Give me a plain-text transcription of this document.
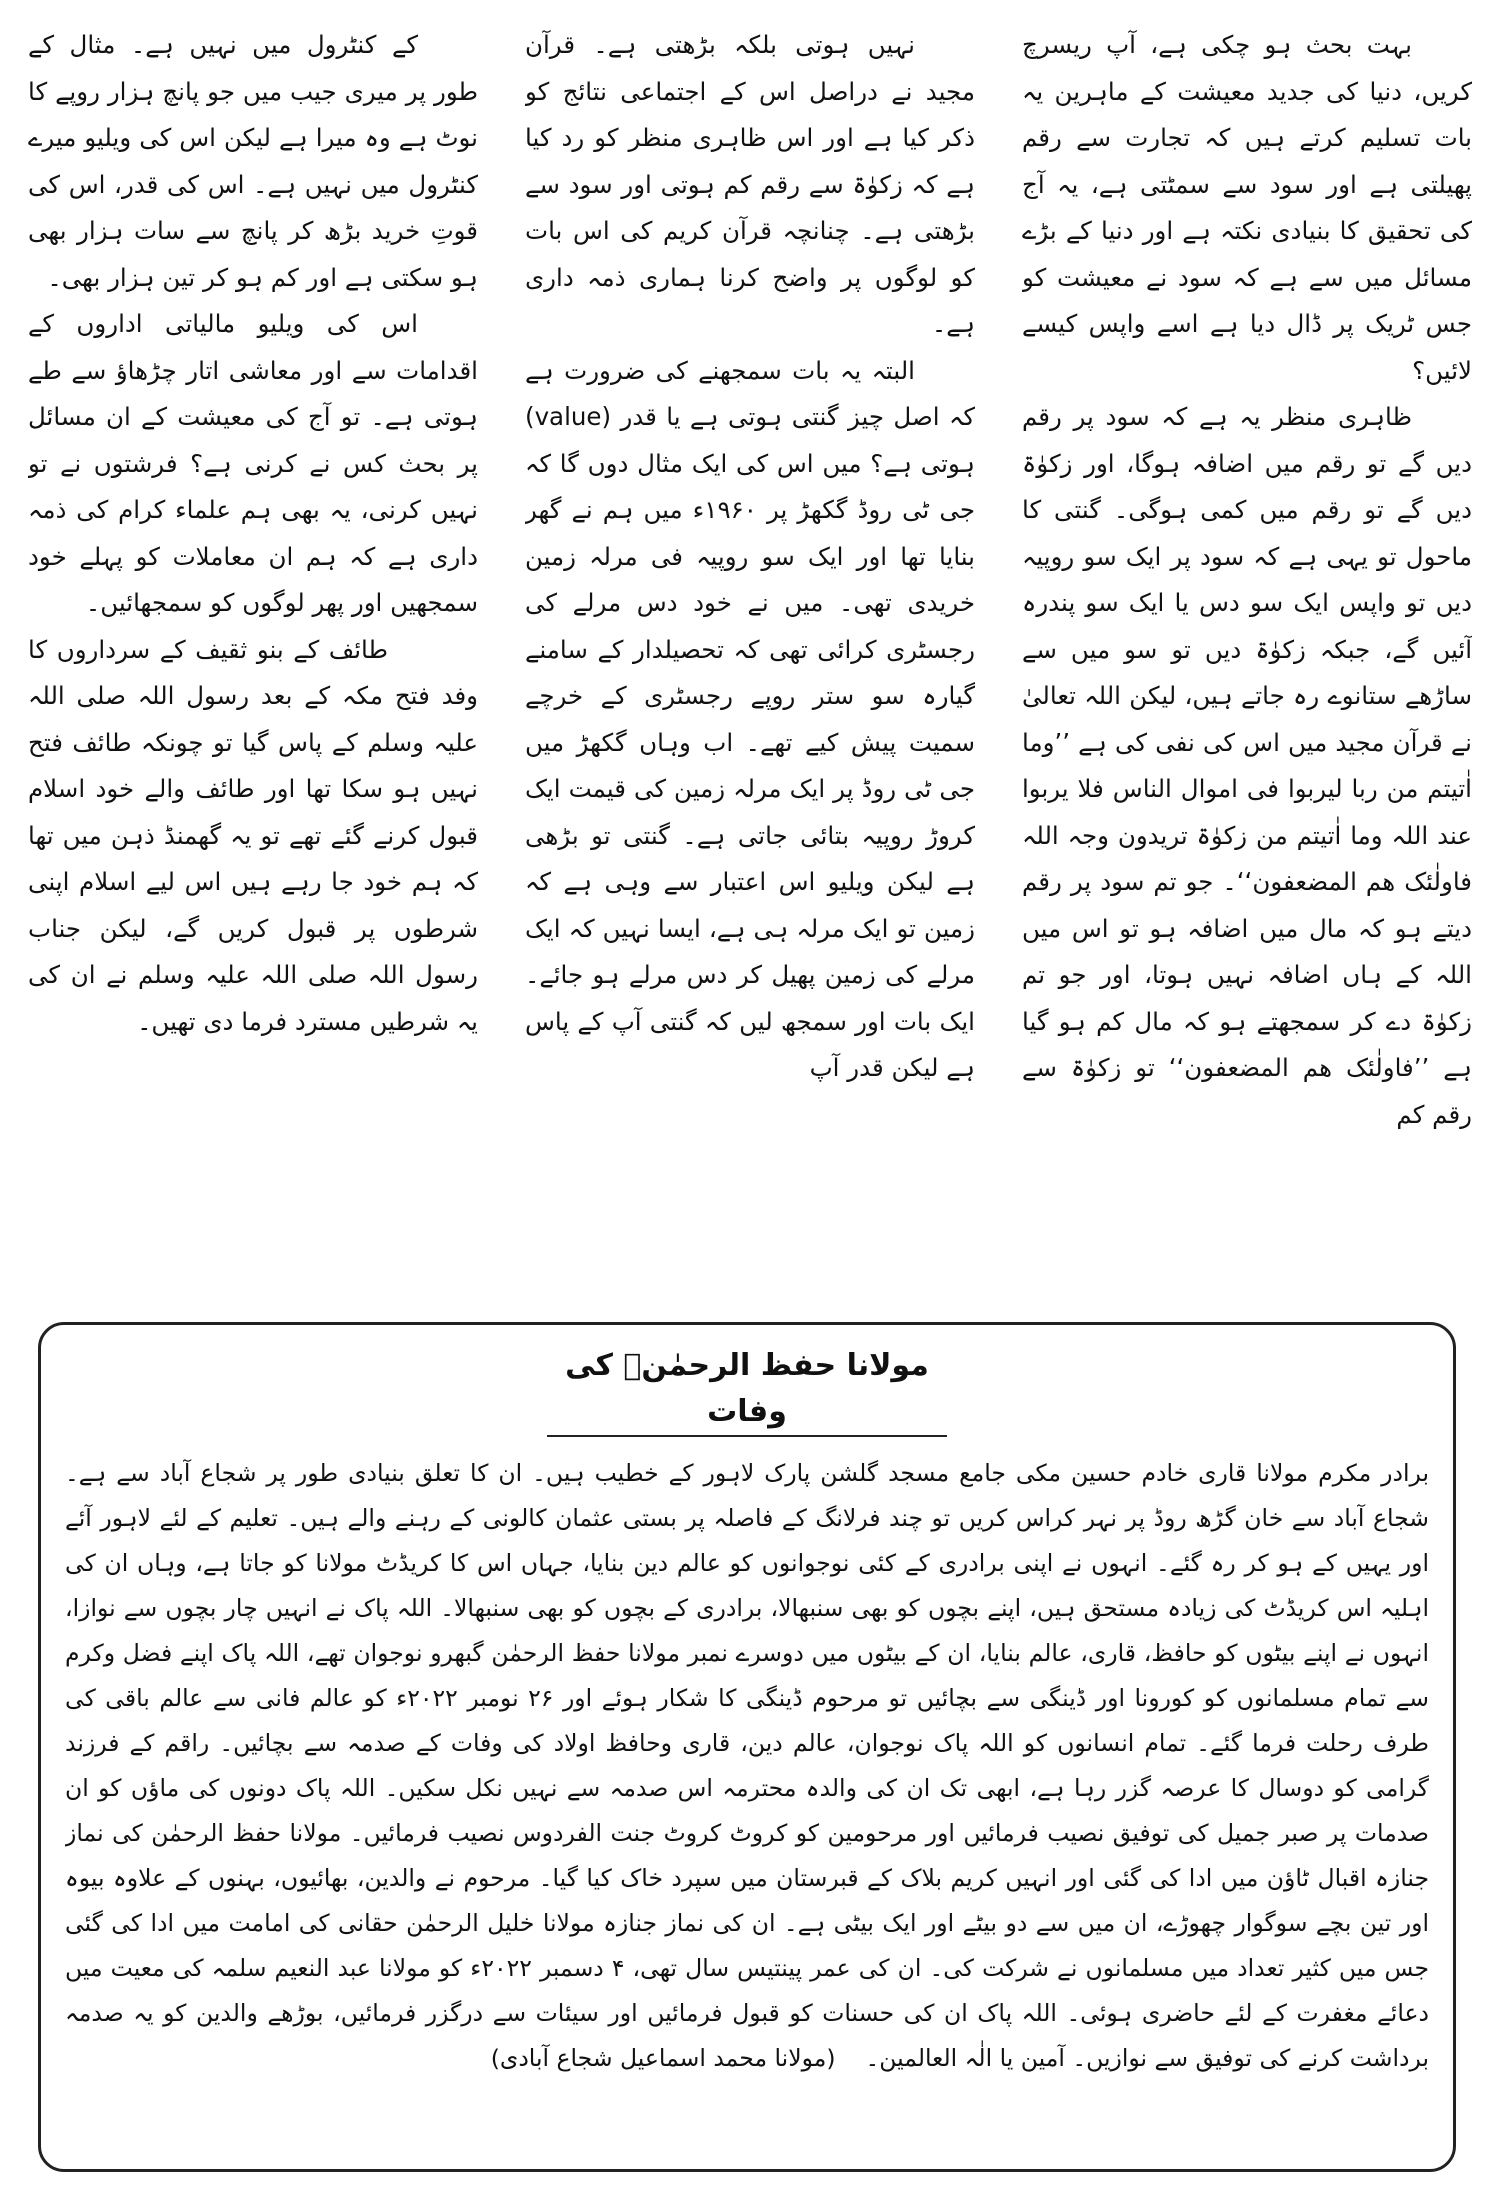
بہت بحث ہو چکی ہے، آپ ریسرچ کریں، دنیا کی جدید معیشت کے ماہرین یہ بات تسلیم کرتے ہیں کہ تجارت سے رقم پھیلتی ہے اور سود سے سمٹتی ہے، یہ آج کی تحقیق کا بنیادی نکتہ ہے اور دنیا کے بڑے مسائل میں سے ہے کہ سود نے معیشت کو جس ٹریک پر ڈال دیا ہے اسے واپس کیسے لائیں؟

ظاہری منظر یہ ہے کہ سود پر رقم دیں گے تو رقم میں اضافہ ہوگا، اور زکوٰۃ دیں گے تو رقم میں کمی ہوگی۔ گنتی کا ماحول تو یہی ہے کہ سود پر ایک سو روپیہ دیں تو واپس ایک سو دس یا ایک سو پندرہ آئیں گے، جبکہ زکوٰۃ دیں تو سو میں سے ساڑھے ستانوے رہ جاتے ہیں، لیکن اللہ تعالیٰ نے قرآن مجید میں اس کی نفی کی ہے ’’وما اٰتیتم من ربا لیربوا فی اموال الناس فلا یربوا عند اللہ وما اٰتیتم من زکوٰۃ تریدون وجہ اللہ فاولٰئک ھم المضعفون‘‘۔ جو تم سود پر رقم دیتے ہو کہ مال میں اضافہ ہو تو اس میں اللہ کے ہاں اضافہ نہیں ہوتا، اور جو تم زکوٰۃ دے کر سمجھتے ہو کہ مال کم ہو گیا ہے ’’فاولٰئک ھم المضعفون‘‘ تو زکوٰۃ سے رقم کم

نہیں ہوتی بلکہ بڑھتی ہے۔ قرآن مجید نے دراصل اس کے اجتماعی نتائج کو ذکر کیا ہے اور اس ظاہری منظر کو رد کیا ہے کہ زکوٰۃ سے رقم کم ہوتی اور سود سے بڑھتی ہے۔ چنانچہ قرآن کریم کی اس بات کو لوگوں پر واضح کرنا ہماری ذمہ داری ہے۔

البتہ یہ بات سمجھنے کی ضرورت ہے کہ اصل چیز گنتی ہوتی ہے یا قدر (value) ہوتی ہے؟ میں اس کی ایک مثال دوں گا کہ جی ٹی روڈ گکھڑ پر ۱۹۶۰ء میں ہم نے گھر بنایا تھا اور ایک سو روپیہ فی مرلہ زمین خریدی تھی۔ میں نے خود دس مرلے کی رجسٹری کرائی تھی کہ تحصیلدار کے سامنے گیارہ سو ستر روپے رجسٹری کے خرچے سمیت پیش کیے تھے۔ اب وہاں گکھڑ میں جی ٹی روڈ پر ایک مرلہ زمین کی قیمت ایک کروڑ روپیہ بتائی جاتی ہے۔ گنتی تو بڑھی ہے لیکن ویلیو اس اعتبار سے وہی ہے کہ زمین تو ایک مرلہ ہی ہے، ایسا نہیں کہ ایک مرلے کی زمین پھیل کر دس مرلے ہو جائے۔ ایک بات اور سمجھ لیں کہ گنتی آپ کے پاس ہے لیکن قدر آپ

کے کنٹرول میں نہیں ہے۔ مثال کے طور پر میری جیب میں جو پانچ ہزار روپے کا نوٹ ہے وہ میرا ہے لیکن اس کی ویلیو میرے کنٹرول میں نہیں ہے۔ اس کی قدر، اس کی قوتِ خرید بڑھ کر پانچ سے سات ہزار بھی ہو سکتی ہے اور کم ہو کر تین ہزار بھی۔

اس کی ویلیو مالیاتی اداروں کے اقدامات سے اور معاشی اتار چڑھاؤ سے طے ہوتی ہے۔ تو آج کی معیشت کے ان مسائل پر بحث کس نے کرنی ہے؟ فرشتوں نے تو نہیں کرنی، یہ بھی ہم علماء کرام کی ذمہ داری ہے کہ ہم ان معاملات کو پہلے خود سمجھیں اور پھر لوگوں کو سمجھائیں۔

طائف کے بنو ثقیف کے سرداروں کا وفد فتح مکہ کے بعد رسول اللہ صلی اللہ علیہ وسلم کے پاس گیا تو چونکہ طائف فتح نہیں ہو سکا تھا اور طائف والے خود اسلام قبول کرنے گئے تھے تو یہ گھمنڈ ذہن میں تھا کہ ہم خود جا رہے ہیں اس لیے اسلام اپنی شرطوں پر قبول کریں گے، لیکن جناب رسول اللہ صلی اللہ علیہ وسلم نے ان کی یہ شرطیں مسترد فرما دی تھیں۔

مولانا حفظ الرحمٰنؒ کی وفات

برادر مکرم مولانا قاری خادم حسین مکی جامع مسجد گلشن پارک لاہور کے خطیب ہیں۔ ان کا تعلق بنیادی طور پر شجاع آباد سے ہے۔ شجاع آباد سے خان گڑھ روڈ پر نہر کراس کریں تو چند فرلانگ کے فاصلہ پر بستی عثمان کالونی کے رہنے والے ہیں۔ تعلیم کے لئے لاہور آئے اور یہیں کے ہو کر رہ گئے۔ انہوں نے اپنی برادری کے کئی نوجوانوں کو عالم دین بنایا، جہاں اس کا کریڈٹ مولانا کو جاتا ہے، وہاں ان کی اہلیہ اس کریڈٹ کی زیادہ مستحق ہیں، اپنے بچوں کو بھی سنبھالا، برادری کے بچوں کو بھی سنبھالا۔ اللہ پاک نے انہیں چار بچوں سے نوازا، انہوں نے اپنے بیٹوں کو حافظ، قاری، عالم بنایا، ان کے بیٹوں میں دوسرے نمبر مولانا حفظ الرحمٰن گبھرو نوجوان تھے، اللہ پاک اپنے فضل وکرم سے تمام مسلمانوں کو کورونا اور ڈینگی سے بچائیں تو مرحوم ڈینگی کا شکار ہوئے اور ۲۶ نومبر ۲۰۲۲ء کو عالم فانی سے عالم باقی کی طرف رحلت فرما گئے۔ تمام انسانوں کو اللہ پاک نوجوان، عالم دین، قاری وحافظ اولاد کی وفات کے صدمہ سے بچائیں۔ راقم کے فرزند گرامی کو دوسال کا عرصہ گزر رہا ہے، ابھی تک ان کی والدہ محترمہ اس صدمہ سے نہیں نکل سکیں۔ اللہ پاک دونوں کی ماؤں کو ان صدمات پر صبر جمیل کی توفیق نصیب فرمائیں اور مرحومین کو کروٹ کروٹ جنت الفردوس نصیب فرمائیں۔ مولانا حفظ الرحمٰن کی نماز جنازہ اقبال ٹاؤن میں ادا کی گئی اور انہیں کریم بلاک کے قبرستان میں سپرد خاک کیا گیا۔ مرحوم نے والدین، بھائیوں، بہنوں کے علاوہ بیوہ اور تین بچے سوگوار چھوڑے، ان میں سے دو بیٹے اور ایک بیٹی ہے۔ ان کی نماز جنازہ مولانا خلیل الرحمٰن حقانی کی امامت میں ادا کی گئی جس میں کثیر تعداد میں مسلمانوں نے شرکت کی۔ ان کی عمر پینتیس سال تھی، ۴ دسمبر ۲۰۲۲ء کو مولانا عبد النعیم سلمہ کی معیت میں دعائے مغفرت کے لئے حاضری ہوئی۔ اللہ پاک ان کی حسنات کو قبول فرمائیں اور سیئات سے درگزر فرمائیں، بوڑھے والدین کو یہ صدمہ برداشت کرنے کی توفیق سے نوازیں۔ آمین یا الٰہ العالمین۔(مولانا محمد اسماعیل شجاع آبادی)
